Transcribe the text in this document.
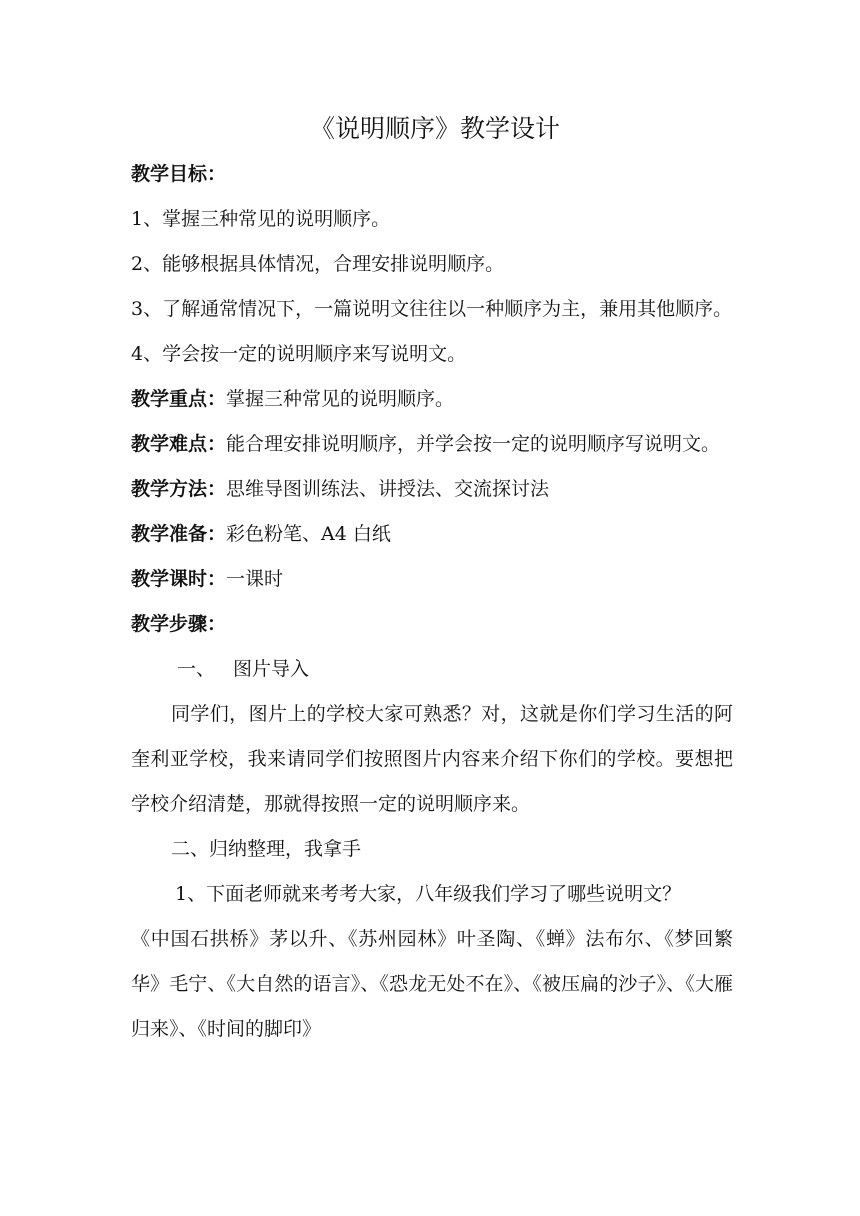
《说明顺序》教学设计

教学目标：

1、掌握三种常见的说明顺序。

2、能够根据具体情况，合理安排说明顺序。

3、了解通常情况下，一篇说明文往往以一种顺序为主，兼用其他顺序。

4、学会按一定的说明顺序来写说明文。

教学重点：掌握三种常见的说明顺序。

教学难点：能合理安排说明顺序，并学会按一定的说明顺序写说明文。

教学方法：思维导图训练法、讲授法、交流探讨法

教学准备：彩色粉笔、A4 白纸

教学课时：一课时

教学步骤：

一、 图片导入

同学们，图片上的学校大家可熟悉？对，这就是你们学习生活的阿奎利亚学校，我来请同学们按照图片内容来介绍下你们的学校。要想把学校介绍清楚，那就得按照一定的说明顺序来。

二、归纳整理，我拿手

1、下面老师就来考考大家，八年级我们学习了哪些说明文？

《中国石拱桥》茅以升、《苏州园林》叶圣陶、《蝉》法布尔、《梦回繁华》毛宁、《大自然的语言》、《恐龙无处不在》、《被压扁的沙子》、《大雁归来》、《时间的脚印》
